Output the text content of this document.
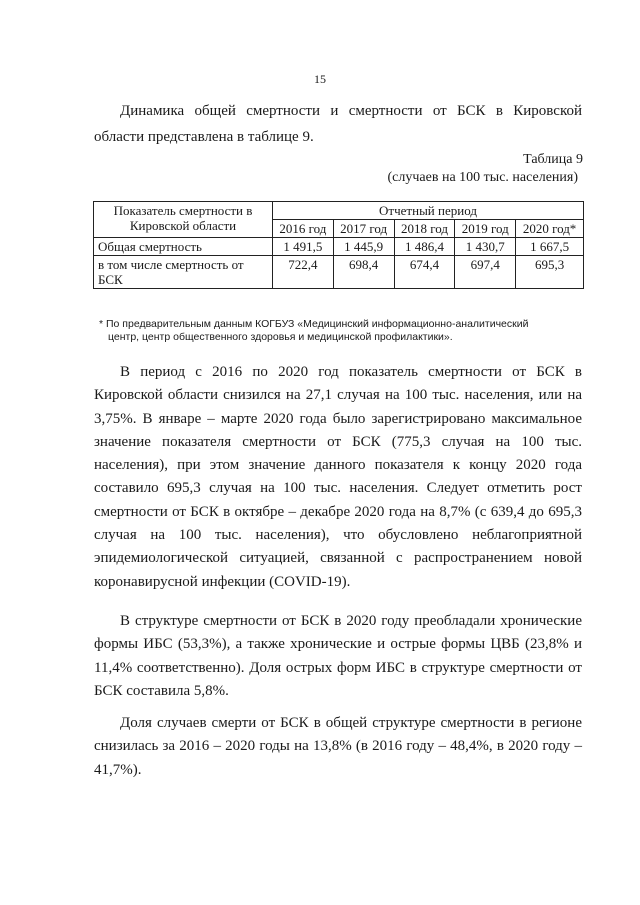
15

Динамика общей смертности и смертности от БСК в Кировской области представлена в таблице 9.

Таблица 9
(случаев на 100 тыс. населения)
Показатель смертности в Кировской области	Отчетный период				
	2016 год	2017 год	2018 год	2019 год	2020 год*
Общая смертность	1 491,5	1 445,9	1 486,4	1 430,7	1 667,5
в том числе смертность от БСК	722,4	698,4	674,4	697,4	695,3
* По предварительным данным КОГБУЗ «Медицинский информационно-аналитический
центр, центр общественного здоровья и медицинской профилактики».

В период с 2016 по 2020 год показатель смертности от БСК в Кировской области снизился на 27,1 случая на 100 тыс. населения, или на 3,75%. В январе – марте 2020 года было зарегистрировано максимальное значение показателя смертности от БСК (775,3 случая на 100 тыс. населения), при этом значение данного показателя к концу 2020 года составило 695,3 случая на 100 тыс. населения. Следует отметить рост смертности от БСК в октябре – декабре 2020 года на 8,7% (с 639,4 до 695,3 случая на 100 тыс. населения), что обусловлено неблагоприятной эпидемиологической ситуацией, связанной с распространением новой коронавирусной инфекции (COVID-19).

В структуре смертности от БСК в 2020 году преобладали хронические формы ИБС (53,3%), а также хронические и острые формы ЦВБ (23,8% и 11,4% соответственно). Доля острых форм ИБС в структуре смертности от БСК составила 5,8%.

Доля случаев смерти от БСК в общей структуре смертности в регионе снизилась за 2016 – 2020 годы на 13,8% (в 2016 году – 48,4%, в 2020 году – 41,7%).
